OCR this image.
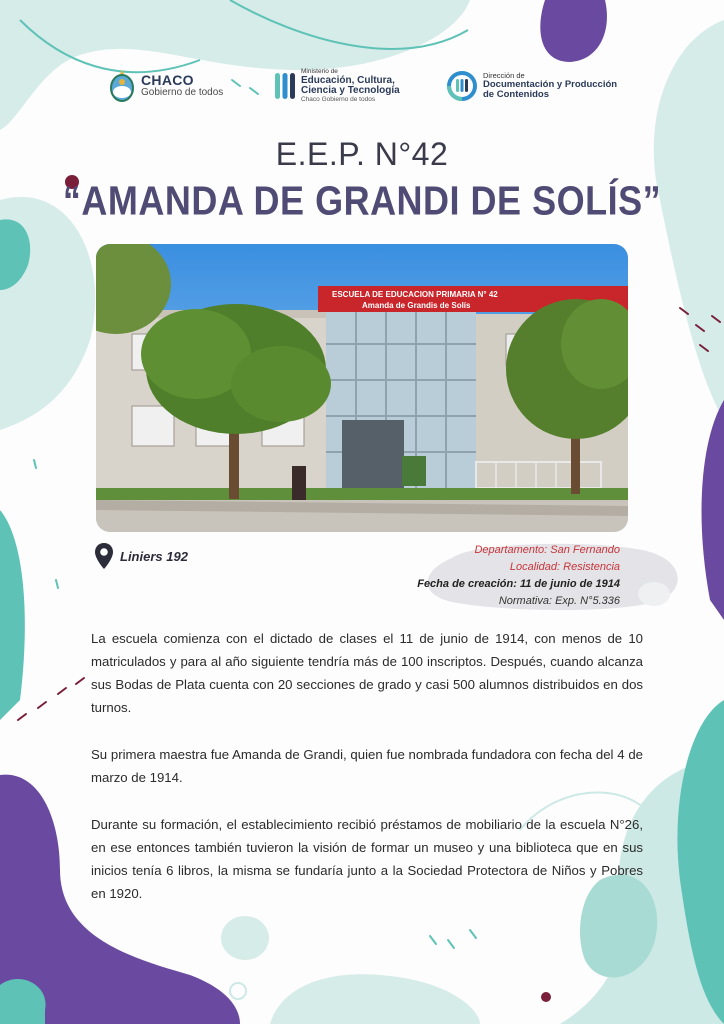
CHACO
Gobierno de todos
Ministerio de
Educación, Cultura,
Ciencia y Tecnología
Chaco Gobierno de todos
Dirección de
Documentación y Producción
de Contenidos
E.E.P. N°42
“AMANDA DE GRANDI DE SOLÍS”
ESCUELA DE EDUCACION PRIMARIA N° 42
Amanda de Grandis de Solís
Liniers 192	Departamento: San Fernando
Localidad: Resistencia
Fecha de creación: 11 de junio de 1914
Normativa: Exp. N°5.336

La escuela comienza con el dictado de clases el 11 de junio de 1914, con menos de 10 matriculados y para al año siguiente tendría más de 100 inscriptos. Después, cuando alcanza sus Bodas de Plata cuenta con 20 secciones de grado y casi 500 alumnos distribuidos en dos turnos.

Su primera maestra fue Amanda de Grandi, quien fue nombrada fundadora con fecha del 4 de marzo de 1914.

Durante su formación, el establecimiento recibió préstamos de mobiliario de la escuela N°26, en ese entonces también tuvieron la visión de formar un museo y una biblioteca que en sus inicios tenía 6 libros, la misma se fundaría junto a la Sociedad Protectora de Niños y Pobres en 1920.
